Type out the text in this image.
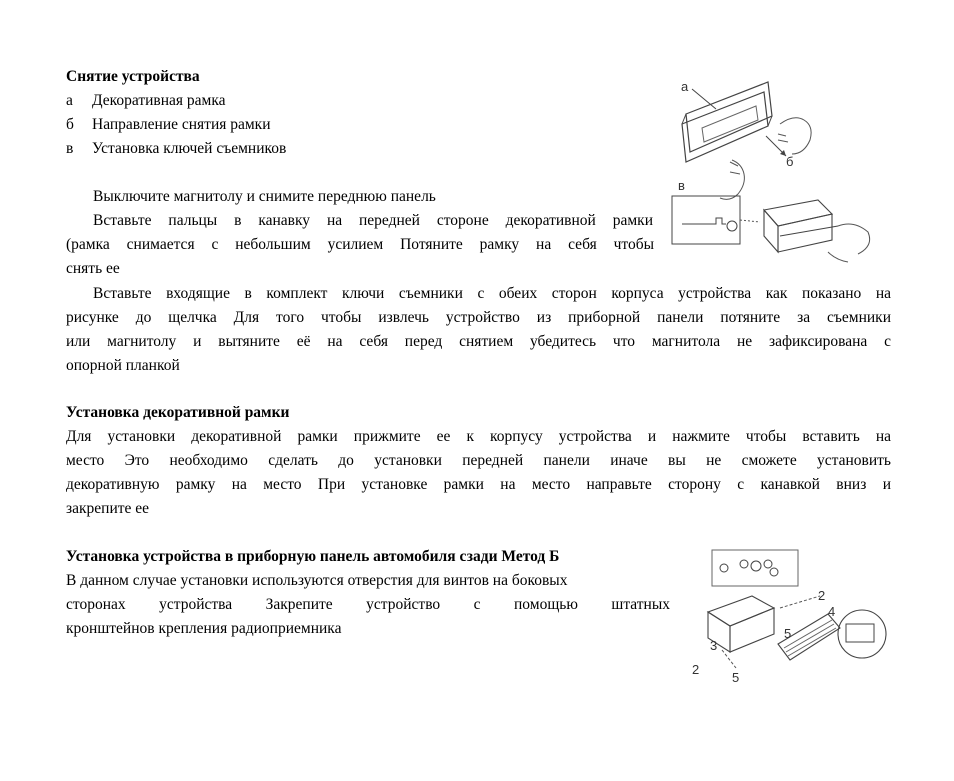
Снятие устройства
а Декоративная рамка
б Направление снятия рамки
в Установка ключей съемников
Выключите магнитолу и снимите переднюю панель
Вставьте пальцы в канавку на передней стороне декоративной рамки
(рамка снимается с небольшим усилием Потяните рамку на себя чтобы
снять ее
Вставьте входящие в комплект ключи съемники с обеих сторон корпуса устройства как показано на
рисунке до щелчка Для того чтобы извлечь устройство из приборной панели потяните за съемники
или магнитолу и вытяните её на себя перед снятием убедитесь что магнитола не зафиксирована с
опорной планкой
Установка декоративной рамки
Для установки декоративной рамки прижмите ее к корпусу устройства и нажмите чтобы вставить на
место Это необходимо сделать до установки передней панели иначе вы не сможете установить
декоративную рамку на место При установке рамки на место направьте сторону с канавкой вниз и
закрепите ее
Установка устройства в приборную панель автомобиля сзади Метод Б
В данном случае установки используются отверстия для винтов на боковых
сторонах устройства Закрепите устройство с помощью штатных
кронштейнов крепления радиоприемника
а
б
в
2
4
5
3
2
5
